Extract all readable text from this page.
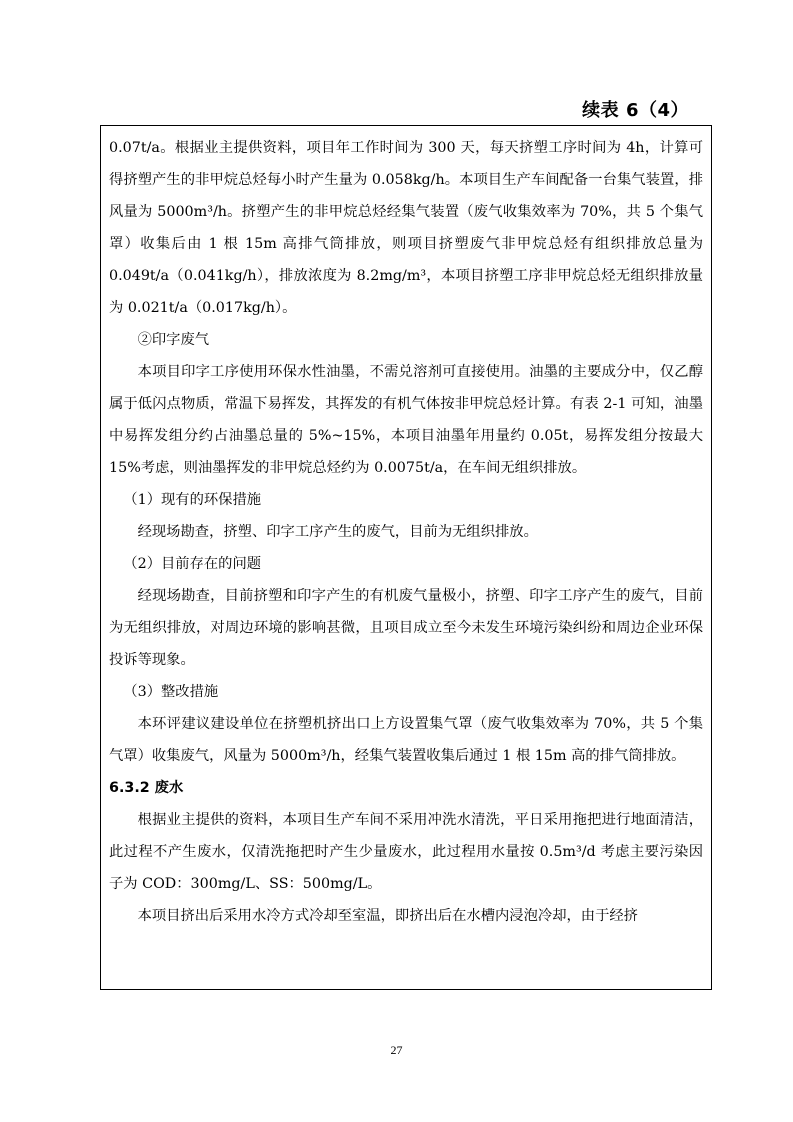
续表 6（4）

0.07t/a。根据业主提供资料，项目年工作时间为 300 天，每天挤塑工序时间为 4h，计算可得挤塑产生的非甲烷总烃每小时产生量为 0.058kg/h。本项目生产车间配备一台集气装置，排风量为 5000m³/h。挤塑产生的非甲烷总烃经集气装置（废气收集效率为 70%，共 5 个集气罩）收集后由 1 根 15m 高排气筒排放，则项目挤塑废气非甲烷总烃有组织排放总量为 0.049t/a（0.041kg/h），排放浓度为 8.2mg/m³，本项目挤塑工序非甲烷总烃无组织排放量为 0.021t/a（0.017kg/h）。

②印字废气

本项目印字工序使用环保水性油墨，不需兑溶剂可直接使用。油墨的主要成分中，仅乙醇属于低闪点物质，常温下易挥发，其挥发的有机气体按非甲烷总烃计算。有表 2-1 可知，油墨中易挥发组分约占油墨总量的 5%~15%，本项目油墨年用量约 0.05t，易挥发组分按最大 15%考虑，则油墨挥发的非甲烷总烃约为 0.0075t/a，在车间无组织排放。

（1）现有的环保措施

经现场勘查，挤塑、印字工序产生的废气，目前为无组织排放。

（2）目前存在的问题

经现场勘查，目前挤塑和印字产生的有机废气量极小，挤塑、印字工序产生的废气，目前为无组织排放，对周边环境的影响甚微，且项目成立至今未发生环境污染纠纷和周边企业环保投诉等现象。

（3）整改措施

本环评建议建设单位在挤塑机挤出口上方设置集气罩（废气收集效率为 70%，共 5 个集气罩）收集废气，风量为 5000m³/h，经集气装置收集后通过 1 根 15m 高的排气筒排放。

6.3.2 废水

根据业主提供的资料，本项目生产车间不采用冲洗水清洗，平日采用拖把进行地面清洁，此过程不产生废水，仅清洗拖把时产生少量废水，此过程用水量按 0.5m³/d 考虑主要污染因子为 COD：300mg/L、SS：500mg/L。

本项目挤出后采用水冷方式冷却至室温，即挤出后在水槽内浸泡冷却，由于经挤

27
